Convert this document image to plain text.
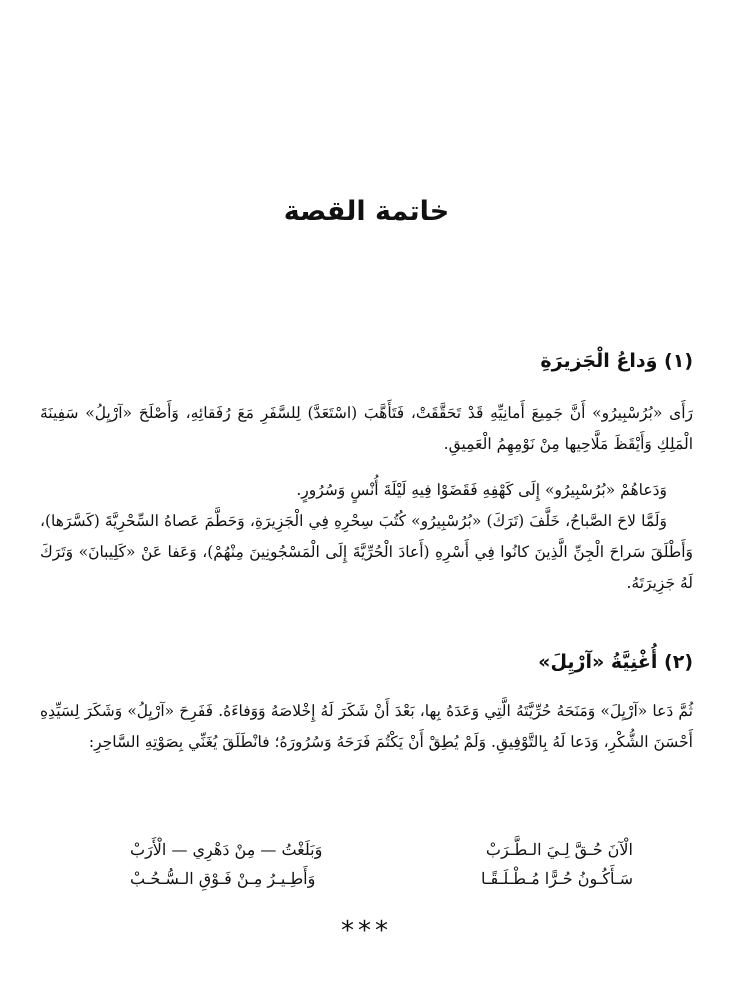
خاتمة القصة
(١) وَداعُ الْجَزيرَةِ

رَأَى «بُرُسْبِيرُو» أَنَّ جَمِيعَ أَمانِيِّهِ قَدْ تَحَقَّقَتْ، فَتَأَهَّبَ (اسْتَعَدَّ) لِلسَّفَرِ مَعَ رُفَقائِهِ، وَأَصْلَحَ «آرْيِلُ» سَفِينَةَ الْمَلِكِ وَأَيْقَظَ مَلَّاحِيها مِنْ نَوْمِهِمُ الْعَمِيقِ.

وَدَعاهُمْ «بُرُسْبِيرُو» إِلَى كَهْفِهِ فَقَضَوْا فِيهِ لَيْلَةَ أُنْسٍ وَسُرُورٍ.

وَلَمَّا لاحَ الصَّباحُ، خَلَّفَ (تَرَكَ) «بُرُسْبِيرُو» كُتُبَ سِحْرِهِ فِي الْجَزِيرَةِ، وَحَطَّمَ عَصاهُ السِّحْرِيَّةَ (كَسَّرَها)، وَأَطْلَقَ سَراحَ الْجِنِّ الَّذِينَ كانُوا فِي أَسْرِهِ (أَعادَ الْحُرِّيَّةَ إِلَى الْمَسْجُونِينَ مِنْهُمْ)، وَعَفا عَنْ «كَلِيبانَ» وَتَرَكَ لَهُ جَزِيرَتَهُ.

(٢) أُغْنِيَّةُ «آرْيِلَ»

ثُمَّ دَعا «آرْيِلَ» وَمَنَحَهُ حُرِّيَّتَهُ الَّتِي وَعَدَهُ بِها، بَعْدَ أَنْ شَكَرَ لَهُ إِخْلاصَهُ وَوَفاءَهُ. فَفَرِحَ «آرْيِلُ» وَشَكَرَ لِسَيِّدِهِ أَحْسَنَ الشُّكْرِ، وَدَعا لَهُ بِالتَّوْفِيقِ. وَلَمْ يُطِقْ أَنْ يَكْتُمَ فَرَحَهُ وَسُرُورَهُ؛ فانْطَلَقَ يُغَنِّي بِصَوْتِهِ السَّاحِرِ:

الْآنَ حُـقَّ لِـيَ الـطَّـرَبْ
وَبَلَغْتُ — مِنْ دَهْرِي — الْأَرَبْ
سَـأَكُـونُ حُـرًّا مُـطْـلَـقًـا
وَأَطِـيـرُ مِـنْ فَـوْقِ الـسُّـحُـبْ
***
